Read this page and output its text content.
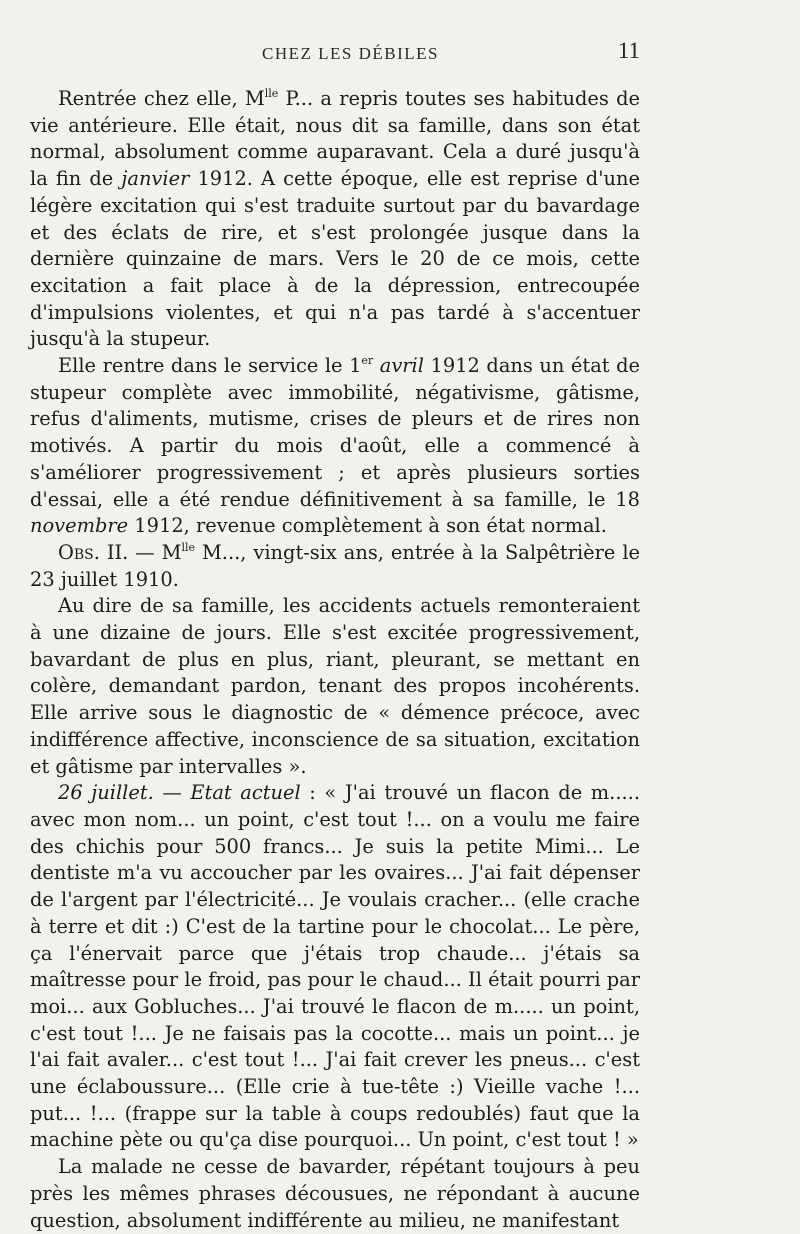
CHEZ LES DÉBILES	11

Rentrée chez elle, $M^{lle}$ P... a repris toutes ses habitudes de vie antérieure. Elle était, nous dit sa famille, dans son état normal, absolument comme auparavant. Cela a duré jusqu'à la fin de janvier 1912. A cette époque, elle est reprise d'une légère excitation qui s'est traduite surtout par du bavardage et des éclats de rire, et s'est prolongée jusque dans la dernière quinzaine de mars. Vers le 20 de ce mois, cette excitation a fait place à de la dépression, entrecoupée d'impulsions violentes, et qui n'a pas tardé à s'accentuer jusqu'à la stupeur.

Elle rentre dans le service le 1er avril 1912 dans un état de stupeur complète avec immobilité, négativisme, gâtisme, refus d'aliments, mutisme, crises de pleurs et de rires non motivés. A partir du mois d'août, elle a commencé à s'améliorer progressivement ; et après plusieurs sorties d'essai, elle a été rendue définitivement à sa famille, le 18 novembre 1912, revenue complètement à son état normal.

Obs. II. — $M^{lle}$ M..., vingt-six ans, entrée à la Salpêtrière le 23 juillet 1910.

Au dire de sa famille, les accidents actuels remonteraient à une dizaine de jours. Elle s'est excitée progressivement, bavardant de plus en plus, riant, pleurant, se mettant en colère, demandant pardon, tenant des propos incohérents. Elle arrive sous le diagnostic de « démence précoce, avec indifférence affective, inconscience de sa situation, excitation et gâtisme par intervalles ».

26 juillet. — Etat actuel : « J'ai trouvé un flacon de m..... avec mon nom... un point, c'est tout !... on a voulu me faire des chichis pour 500 francs... Je suis la petite Mimi... Le dentiste m'a vu accoucher par les ovaires... J'ai fait dépenser de l'argent par l'électricité... Je voulais cracher... (elle crache à terre et dit :) C'est de la tartine pour le chocolat... Le père, ça l'énervait parce que j'étais trop chaude... j'étais sa maîtresse pour le froid, pas pour le chaud... Il était pourri par moi... aux Gobluches... J'ai trouvé le flacon de m..... un point, c'est tout !... Je ne faisais pas la cocotte... mais un point... je l'ai fait avaler... c'est tout !... J'ai fait crever les pneus... c'est une éclaboussure... (Elle crie à tue-tête :) Vieille vache !... put... !... (frappe sur la table à coups redoublés) faut que la machine pète ou qu'ça dise pourquoi... Un point, c'est tout ! »

La malade ne cesse de bavarder, répétant toujours à peu près les mêmes phrases décousues, ne répondant à aucune question, absolument indifférente au milieu, ne manifestant
